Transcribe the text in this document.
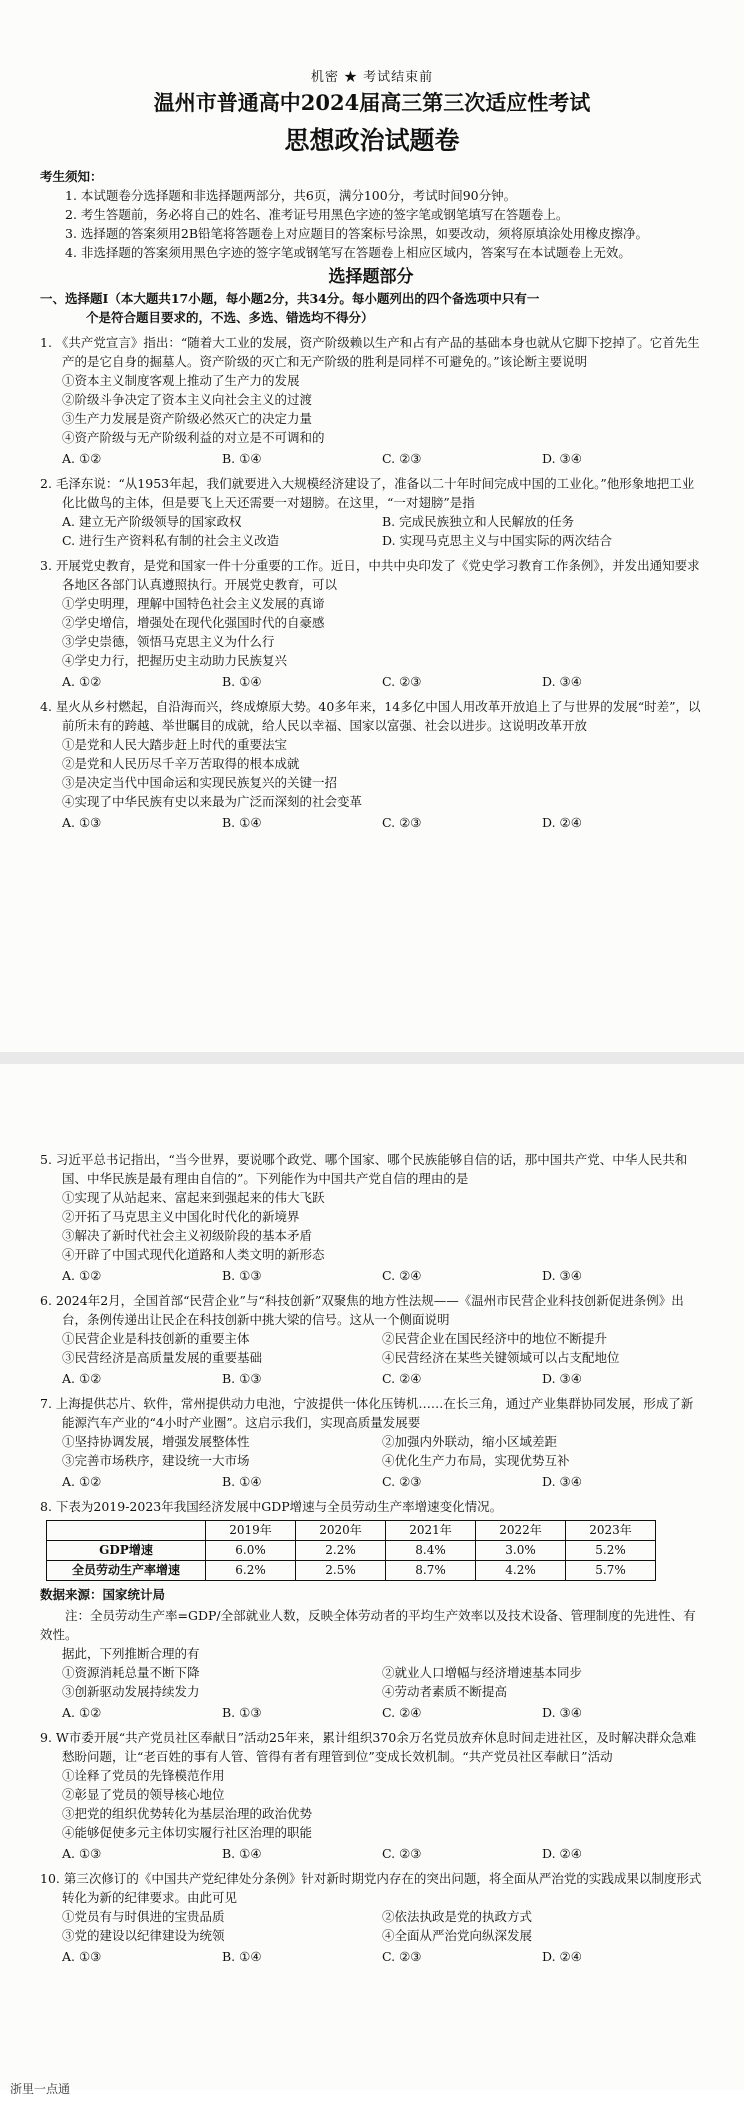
机密 ★ 考试结束前
温州市普通高中2024届高三第三次适应性考试
思想政治试题卷
考生须知：

1. 本试题卷分选择题和非选择题两部分，共6页，满分100分，考试时间90分钟。

2. 考生答题前，务必将自己的姓名、准考证号用黑色字迹的签字笔或钢笔填写在答题卷上。

3. 选择题的答案须用2B铅笔将答题卷上对应题目的答案标号涂黑，如要改动，须将原填涂处用橡皮擦净。

4. 非选择题的答案须用黑色字迹的签字笔或钢笔写在答题卷上相应区域内，答案写在本试题卷上无效。

选择题部分

一、选择题Ⅰ（本大题共17小题，每小题2分，共34分。每小题列出的四个备选项中只有一
个是符合题目要求的，不选、多选、错选均不得分）

1. 《共产党宣言》指出：“随着大工业的发展，资产阶级赖以生产和占有产品的基础本身也就从它脚下挖掉了。它首先生产的是它自身的掘墓人。资产阶级的灭亡和无产阶级的胜利是同样不可避免的。”该论断主要说明

①资本主义制度客观上推动了生产力的发展

②阶级斗争决定了资本主义向社会主义的过渡

③生产力发展是资产阶级必然灭亡的决定力量

④资产阶级与无产阶级利益的对立是不可调和的

A. ①②	B. ①④	C. ②③	D. ③④

2. 毛泽东说：“从1953年起，我们就要进入大规模经济建设了，准备以二十年时间完成中国的工业化。”他形象地把工业化比做鸟的主体，但是要飞上天还需要一对翅膀。在这里，“一对翅膀”是指

A. 建立无产阶级领导的国家政权	B. 完成民族独立和人民解放的任务
C. 进行生产资料私有制的社会主义改造	D. 实现马克思主义与中国实际的两次结合

3. 开展党史教育，是党和国家一件十分重要的工作。近日，中共中央印发了《党史学习教育工作条例》，并发出通知要求各地区各部门认真遵照执行。开展党史教育，可以

①学史明理，理解中国特色社会主义发展的真谛

②学史增信，增强处在现代化强国时代的自豪感

③学史崇德，领悟马克思主义为什么行

④学史力行，把握历史主动助力民族复兴

A. ①②	B. ①④	C. ②③	D. ③④

4. 星火从乡村燃起，自沿海而兴，终成燎原大势。40多年来，14多亿中国人用改革开放追上了与世界的发展“时差”，以前所未有的跨越、举世瞩目的成就，给人民以幸福、国家以富强、社会以进步。这说明改革开放

①是党和人民大踏步赶上时代的重要法宝

②是党和人民历尽千辛万苦取得的根本成就

③是决定当代中国命运和实现民族复兴的关键一招

④实现了中华民族有史以来最为广泛而深刻的社会变革

A. ①③	B. ①④	C. ②③	D. ②④

5. 习近平总书记指出，“当今世界，要说哪个政党、哪个国家、哪个民族能够自信的话，那中国共产党、中华人民共和国、中华民族是最有理由自信的”。下列能作为中国共产党自信的理由的是

①实现了从站起来、富起来到强起来的伟大飞跃

②开拓了马克思主义中国化时代化的新境界

③解决了新时代社会主义初级阶段的基本矛盾

④开辟了中国式现代化道路和人类文明的新形态

A. ①②	B. ①③	C. ②④	D. ③④

6. 2024年2月，全国首部“民营企业”与“科技创新”双聚焦的地方性法规——《温州市民营企业科技创新促进条例》出台，条例传递出让民企在科技创新中挑大梁的信号。这从一个侧面说明

①民营企业是科技创新的重要主体	②民营企业在国民经济中的地位不断提升
③民营经济是高质量发展的重要基础	④民营经济在某些关键领域可以占支配地位
A. ①②	B. ①③	C. ②④	D. ③④

7. 上海提供芯片、软件，常州提供动力电池，宁波提供一体化压铸机……在长三角，通过产业集群协同发展，形成了新能源汽车产业的“4小时产业圈”。这启示我们，实现高质量发展要

①坚持协调发展，增强发展整体性	②加强内外联动，缩小区域差距
③完善市场秩序，建设统一大市场	④优化生产力布局，实现优势互补
A. ①②	B. ①④	C. ②③	D. ③④

8. 下表为2019-2023年我国经济发展中GDP增速与全员劳动生产率增速变化情况。

	2019年	2020年	2021年	2022年	2023年
GDP增速	6.0%	2.2%	8.4%	3.0%	5.2%
全员劳动生产率增速	6.2%	2.5%	8.7%	4.2%	5.7%

数据来源：国家统计局

注：全员劳动生产率=GDP/全部就业人数，反映全体劳动者的平均生产效率以及技术设备、管理制度的先进性、有效性。

据此，下列推断合理的有

①资源消耗总量不断下降	②就业人口增幅与经济增速基本同步
③创新驱动发展持续发力	④劳动者素质不断提高
A. ①②	B. ①③	C. ②④	D. ③④

9. W市委开展“共产党员社区奉献日”活动25年来，累计组织370余万名党员放弃休息时间走进社区，及时解决群众急难愁盼问题，让“老百姓的事有人管、管得有者有理管到位”变成长效机制。“共产党员社区奉献日”活动

①诠释了党员的先锋模范作用

②彰显了党员的领导核心地位

③把党的组织优势转化为基层治理的政治优势

④能够促使多元主体切实履行社区治理的职能

A. ①③	B. ①④	C. ②③	D. ②④

10. 第三次修订的《中国共产党纪律处分条例》针对新时期党内存在的突出问题，将全面从严治党的实践成果以制度形式转化为新的纪律要求。由此可见

①党员有与时俱进的宝贵品质	②依法执政是党的执政方式
③党的建设以纪律建设为统领	④全面从严治党向纵深发展
A. ①③	B. ①④	C. ②③	D. ②④
浙里一点通
